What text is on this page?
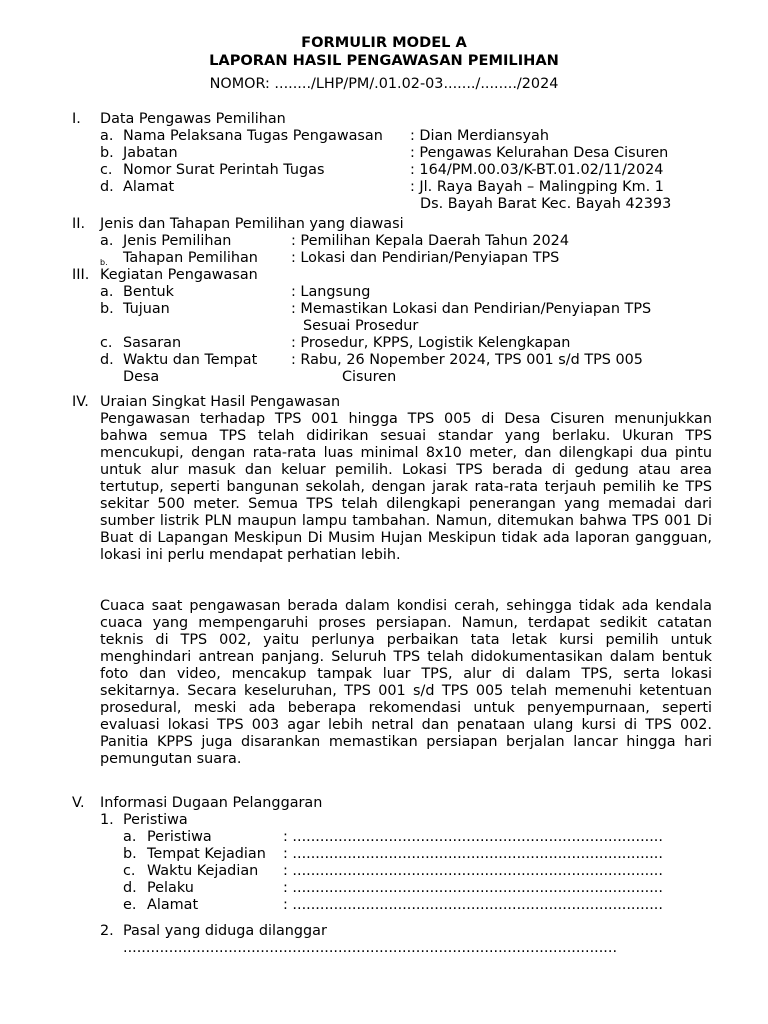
FORMULIR MODEL A
LAPORAN HASIL PENGAWASAN PEMILIHAN
NOMOR: ......../LHP/PM/.01.02-03......./......../2024
I. Data Pengawas Pemilihan
a. Nama Pelaksana Tugas Pengawasan : Dian Merdiansyah
b. Jabatan	: Pengawas Kelurahan Desa Cisuren
c. Nomor Surat Perintah Tugas	: 164/PM.00.03/K-BT.01.02/11/2024
d. Alamat	: Jl. Raya Bayah – Malingping Km. 1
Ds. Bayah Barat Kec. Bayah 42393
II. Jenis dan Tahapan Pemilihan yang diawasi
a. Jenis Pemilihan	: Pemilihan Kepala Daerah Tahun 2024
b. Tahapan Pemilihan : Lokasi dan Pendirian/Penyiapan TPS
III. Kegiatan Pengawasan
a. Bentuk	: Langsung
b. Tujuan	: Memastikan Lokasi dan Pendirian/Penyiapan TPS
Sesuai Prosedur
c. Sasaran	: Prosedur, KPPS, Logistik Kelengkapan
d. Waktu dan Tempat : Rabu, 26 Nopember 2024, TPS 001 s/d TPS 005
Desa	Cisuren
IV. Uraian Singkat Hasil Pengawasan
Pengawasan terhadap TPS 001 hingga TPS 005 di Desa Cisuren menunjukkan bahwa semua TPS telah didirikan sesuai standar yang berlaku. Ukuran TPS mencukupi, dengan rata-rata luas minimal 8x10 meter, dan dilengkapi dua pintu untuk alur masuk dan keluar pemilih. Lokasi TPS berada di gedung atau area tertutup, seperti bangunan sekolah, dengan jarak rata-rata terjauh pemilih ke TPS sekitar 500 meter. Semua TPS telah dilengkapi penerangan yang memadai dari sumber listrik PLN maupun lampu tambahan. Namun, ditemukan bahwa TPS 001 Di Buat di Lapangan Meskipun Di Musim Hujan Meskipun tidak ada laporan gangguan, lokasi ini perlu mendapat perhatian lebih.
Cuaca saat pengawasan berada dalam kondisi cerah, sehingga tidak ada kendala cuaca yang mempengaruhi proses persiapan. Namun, terdapat sedikit catatan teknis di TPS 002, yaitu perlunya perbaikan tata letak kursi pemilih untuk menghindari antrean panjang. Seluruh TPS telah didokumentasikan dalam bentuk foto dan video, mencakup tampak luar TPS, alur di dalam TPS, serta lokasi sekitarnya. Secara keseluruhan, TPS 001 s/d TPS 005 telah memenuhi ketentuan prosedural, meski ada beberapa rekomendasi untuk penyempurnaan, seperti evaluasi lokasi TPS 003 agar lebih netral dan penataan ulang kursi di TPS 002. Panitia KPPS juga disarankan memastikan persiapan berjalan lancar hingga hari pemungutan suara.
V. Informasi Dugaan Pelanggaran
1. Peristiwa
a. Peristiwa	: .................................................................................
b. Tempat Kejadian : .................................................................................
c. Waktu Kejadian : .................................................................................
d. Pelaku	: .................................................................................
e. Alamat	: .................................................................................
2. Pasal yang diduga dilanggar
............................................................................................................
